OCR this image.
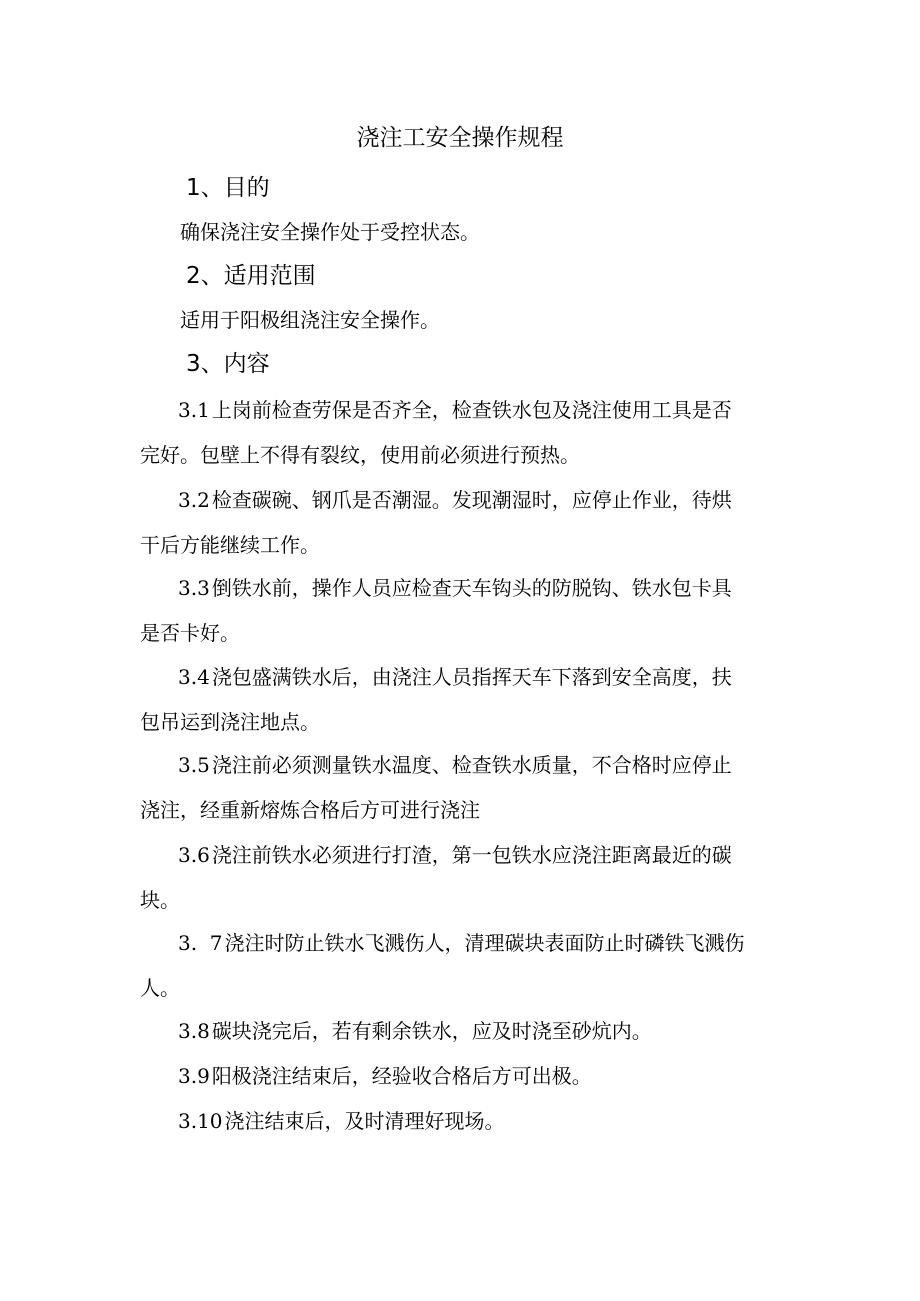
浇注工安全操作规程
1、目的

确保浇注安全操作处于受控状态。

2、适用范围

适用于阳极组浇注安全操作。

3、内容
3.1 上岗前检查劳保是否齐全，检查铁水包及浇注使用工具是否
完好。包壁上不得有裂纹，使用前必须进行预热。
3.2 检查碳碗、钢爪是否潮湿。发现潮湿时，应停止作业，待烘
干后方能继续工作。
3.3 倒铁水前，操作人员应检查天车钩头的防脱钩、铁水包卡具
是否卡好。
3.4 浇包盛满铁水后，由浇注人员指挥天车下落到安全高度，扶
包吊运到浇注地点。
3.5 浇注前必须测量铁水温度、检查铁水质量，不合格时应停止
浇注，经重新熔炼合格后方可进行浇注
3.6 浇注前铁水必须进行打渣，第一包铁水应浇注距离最近的碳
块。
3.  7 浇注时防止铁水飞溅伤人，清理碳块表面防止时磷铁飞溅伤
人。
3.8 碳块浇完后，若有剩余铁水，应及时浇至砂炕内。
3.9 阳极浇注结束后，经验收合格后方可出极。
3.10 浇注结束后，及时清理好现场。
